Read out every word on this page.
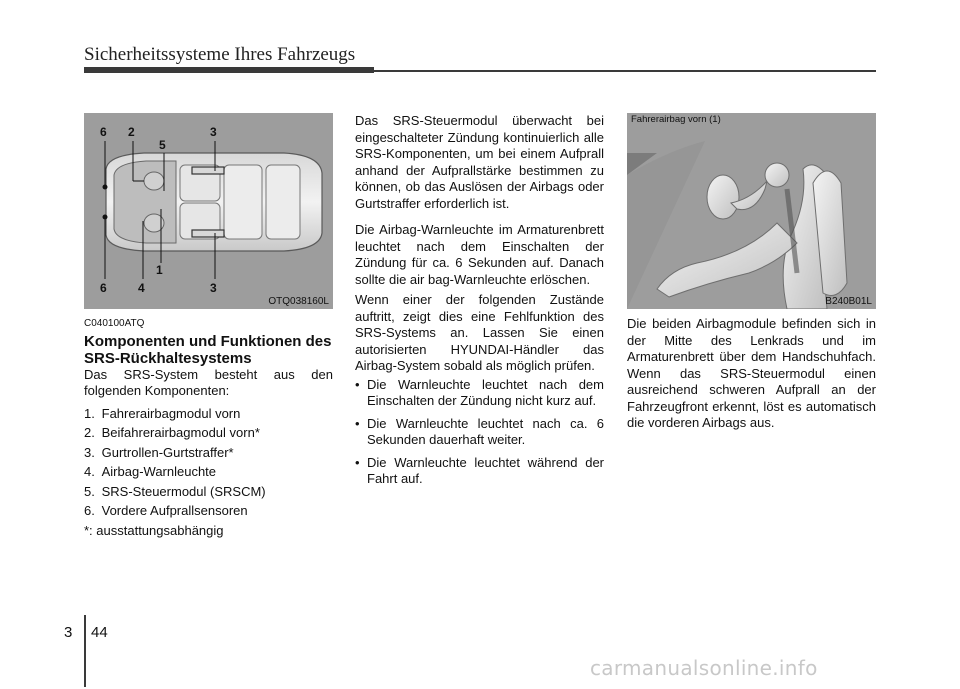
Sicherheitssysteme Ihres Fahrzeugs
6 2
5
3
1
6	4	3
OTQ038160L
Fahrerairbag vorn (1)
B240B01L

C040100ATQ

Komponenten und Funktionen des SRS-Rückhaltesystems

Das SRS-System besteht aus den folgenden Komponenten:

1.
Fahrerairbagmodul vorn
2.
Beifahrerairbagmodul vorn*
3.
Gurtrollen-Gurtstraffer*
4.
Airbag-Warnleuchte
5.
SRS-Steuermodul (SRSCM)
6.
Vordere Aufprallsensoren

*: ausstattungsabhängig

Das SRS-Steuermodul überwacht bei eingeschalteter Zündung kontinuierlich alle SRS-Komponenten, um bei einem Aufprall anhand der Aufprallstärke bestimmen zu können, ob das Auslösen der Airbags oder Gurtstraffer erforderlich ist.

Die Airbag-Warnleuchte im Armaturenbrett leuchtet nach dem Einschalten der Zündung für ca. 6 Sekunden auf. Danach sollte die air bag-Warnleuchte erlöschen.

Wenn einer der folgenden Zustände auftritt, zeigt dies eine Fehlfunktion des SRS-Systems an. Lassen Sie einen autorisierten HYUNDAI-Händler das Airbag-System sobald als möglich prüfen.

• Die Warnleuchte leuchtet nach dem Einschalten der Zündung nicht kurz auf.
• Die Warnleuchte leuchtet nach ca. 6 Sekunden dauerhaft weiter.
• Die Warnleuchte leuchtet während der Fahrt auf.

Die beiden Airbagmodule befinden sich in der Mitte des Lenkrads und im Armaturenbrett über dem Handschuhfach. Wenn das SRS-Steuermodul einen ausreichend schweren Aufprall an der Fahrzeugfront erkennt, löst es automatisch die vorderen Airbags aus.

3 44
carmanualsonline.info
